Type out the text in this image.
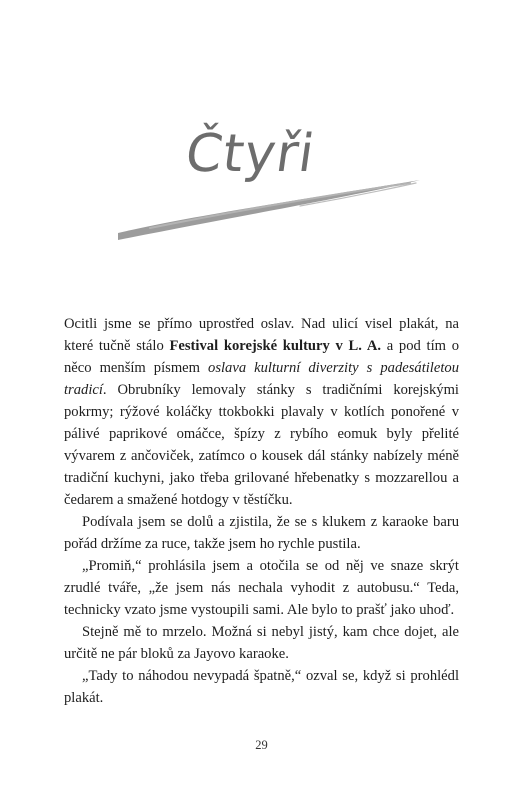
Čtyři

Ocitli jsme se přímo uprostřed oslav. Nad ulicí visel plakát, na které tučně stálo Festival korejské kultury v L. A. a pod tím o něco menším písmem oslava kulturní diverzity s padesátiletou tradicí. Obrubníky lemovaly stánky s tradičními korejskými pokrmy; rýžové koláčky ttokbokki plavaly v kotlích ponořené v pálivé paprikové omáčce, špízy z rybího eomuk byly přelité vývarem z ančoviček, zatímco o kousek dál stánky nabízely méně tradiční kuchyni, jako třeba grilované hřebenatky s mozzarellou a čedarem a smažené hotdogy v těstíčku.

Podívala jsem se dolů a zjistila, že se s klukem z karaoke baru pořád držíme za ruce, takže jsem ho rychle pustila.

„Promiň,“ prohlásila jsem a otočila se od něj ve snaze skrýt zrudlé tváře, „že jsem nás nechala vyhodit z autobusu.“ Teda, technicky vzato jsme vystoupili sami. Ale bylo to prašť jako uhoď.

Stejně mě to mrzelo. Možná si nebyl jistý, kam chce dojet, ale určitě ne pár bloků za Jayovo karaoke.

„Tady to náhodou nevypadá špatně,“ ozval se, když si prohlédl plakát.

29
